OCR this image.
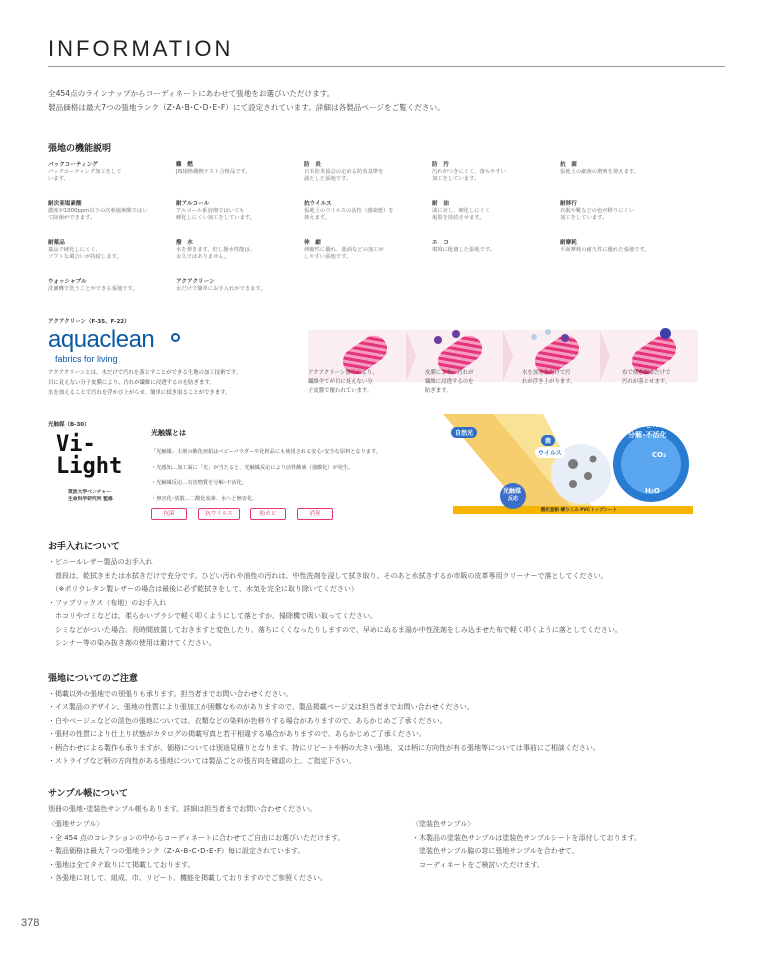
INFORMATION

全454点のラインナップからコーディネートにあわせて張地をお選びいただけます。

製品価格は最大7つの張地ランク（Z･A･B･C･D･E･F）にて設定されています。詳細は各製品ページをご覧ください。

張地の機能説明
バックコーティング
バックコーティング加工をして
います。
難　燃
JIS規格難燃テスト合格品です。
防　炎
日本防炎協会の定める防炎基準を
満たした張地です。
防　汚
汚れがつきにくく、落ちやすい
加工をしています。
抗　菌
張地上の細菌の増殖を抑えます。
耐次亜塩素酸
濃度が1000ppm以下の次亜塩素酸ではい
て除菌ができます。
耐アルコール
アルコール系溶剤ではいても
硬化しにくい加工をしています。
抗ウイルス
張地上のウイルスの活性（感染能）を
抑えます。
耐　油
油に対し、硬化しにくく
亀裂を持続させます。
耐移行
衣服や靴などの色が移りにくい
加工をしています。
耐薬品
薬品で硬化しにくく、
ソフトな風合いが持続します。
撥　水
水を弾きます。但し撥水性能は、
永久ではありません。
伸　縮
伸縮性に優れ、曲面などの加工が
しやすい張地です。
エ　コ
環境に配慮した張地です。
耐摩耗
平面摩耗の耐久性に優れた張地です。
ウォッシャブル
洗濯機で洗うことができる張地です。
アクアクリーン
水だけで簡単にお手入れができます。
アクアクリーン（F-35、F-22）
aquaclean
fabrics for living
アクアクリーンとは、水だけで汚れを落とすことができる生地の加工技術です。
目に見えない分子皮膜により、汚れが繊維に浸透するのを防ぎます。
水を加えることで汚れを浮かび上がらせ、簡単に拭き取ることができます。
アクアクリーン加工により、
繊維全てが目に見えない分
子皮膜で覆われています。
皮膜により、汚れが
繊維に浸透するのを
防ぎます。
水を加えるだけで汚
れが浮き上がります。
布で拭き取るだけで
汚れが落とせます。
光触媒（B-30）
Vi-
Light
筑波大学ベンチャー
生命科学研究所 監修
光触媒とは
「光触媒」主剤の酸化亜鉛はベビーパウダーや化粧品にも使用される安心･安全な原料となります。
・光感知…加工面に「光」が当たると、光触媒反応により活性酸素（強酸化）が発生。
・光触媒反応…有害物質を分解･不活化。
・無害化･放散…二酸化炭素、水へと無害化。
抗菌	抗ウイルス	防カビ	消臭
自然光
菌
ウイルス
CO₂とH₂Oに
分解･不活化
CO₂
H₂O
光触媒
反応
酸化亜鉛 練りこみ PVCトップシート
お手入れについて
・ビニールレザー製品のお手入れ
　普段は、乾拭きまたは水拭きだけで充分です。ひどい汚れや油性の汚れは、中性洗剤を浸して拭き取り、そのあと水拭きするか市販の皮革専用クリーナーで落としてください。
　（※ポリウレタン製レザーの場合は最後に必ず乾拭きをして、水気を完全に取り除いてください）
・ファブリックス（布地）のお手入れ
　ホコリやゴミなどは、柔らかいブラシで軽く叩くようにして落とすか、掃除機で吸い取ってください。
　シミなどがついた場合、長時間放置しておきますと変色したり、落ちにくくなったりしますので、早めにぬるま湯か中性洗剤をしみ込ませた布で軽く叩くように落としてください。
　シンナー等の染み抜き剤の使用は避けてください。
張地についてのご注意
・掲載以外の張地での別張りも承ります。担当者までお問い合わせください。
・イス製品のデザイン、張地の性質により張加工が困難なものがありますので、製品掲載ページ又は担当者までお問い合わせください。
・白やベージュなどの淡色の張地については、衣類などの染料が色移りする場合がありますので、あらかじめご了承ください。
・張材の性質により仕上り状態がカタログの掲載写真と若干相違する場合がありますので、あらかじめご了承ください。
・柄合わせによる製作も承りますが、価格については別途見積りとなります。特にリピートや柄の大きい張地、又は柄に方向性が有る張地等については事前にご相談ください。
・ストライプなど柄の方向性がある張地については製品ごとの張方向を確認の上、ご指定下さい。
サンプル帳について
別冊の張地･塗装色サンプル帳もあります。詳細は担当者までお問い合わせください。
〈張地サンプル〉
・全 454 点のコレクションの中からコーディネートに合わせてご自由にお選びいただけます。
・製品価格は最大７つの張地ランク（Z･A･B･C･D･E･F）毎に設定されています。
・張地は全てタテ取りにて掲載しております。
・各張地に対して、組成、巾、リピート、機能を掲載しておりますのでご参照ください。
〈塗装色サンプル〉
・木製品の塗装色サンプルは塗装色サンプルシートを添付しております。
　塗装色サンプル脇の窓に張地サンプルを合わせて、
　コーディネートをご検討いただけます。
378
